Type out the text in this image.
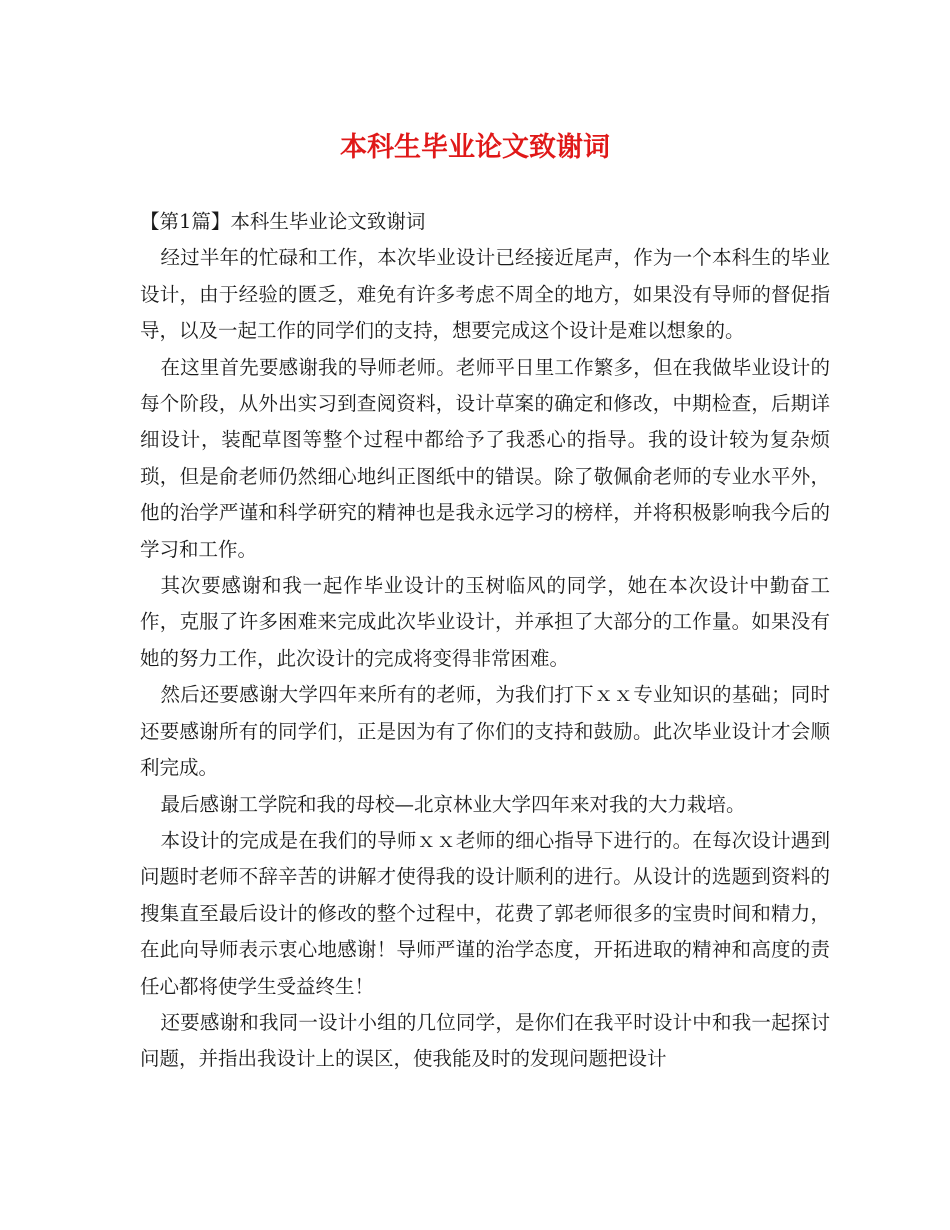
本科生毕业论文致谢词

【第1篇】本科生毕业论文致谢词

经过半年的忙碌和工作，本次毕业设计已经接近尾声，作为一个本科生的毕业设计，由于经验的匮乏，难免有许多考虑不周全的地方，如果没有导师的督促指导，以及一起工作的同学们的支持，想要完成这个设计是难以想象的。

在这里首先要感谢我的导师老师。老师平日里工作繁多，但在我做毕业设计的每个阶段，从外出实习到查阅资料，设计草案的确定和修改，中期检查，后期详细设计，装配草图等整个过程中都给予了我悉心的指导。我的设计较为复杂烦琐，但是俞老师仍然细心地纠正图纸中的错误。除了敬佩俞老师的专业水平外，他的治学严谨和科学研究的精神也是我永远学习的榜样，并将积极影响我今后的学习和工作。

其次要感谢和我一起作毕业设计的玉树临风的同学，她在本次设计中勤奋工作，克服了许多困难来完成此次毕业设计，并承担了大部分的工作量。如果没有她的努力工作，此次设计的完成将变得非常困难。

然后还要感谢大学四年来所有的老师，为我们打下ｘｘ专业知识的基础；同时还要感谢所有的同学们，正是因为有了你们的支持和鼓励。此次毕业设计才会顺利完成。

最后感谢工学院和我的母校—北京林业大学四年来对我的大力栽培。

本设计的完成是在我们的导师ｘｘ老师的细心指导下进行的。在每次设计遇到问题时老师不辞辛苦的讲解才使得我的设计顺利的进行。从设计的选题到资料的搜集直至最后设计的修改的整个过程中，花费了郭老师很多的宝贵时间和精力，在此向导师表示衷心地感谢！导师严谨的治学态度，开拓进取的精神和高度的责任心都将使学生受益终生！

还要感谢和我同一设计小组的几位同学，是你们在我平时设计中和我一起探讨问题，并指出我设计上的误区，使我能及时的发现问题把设计
